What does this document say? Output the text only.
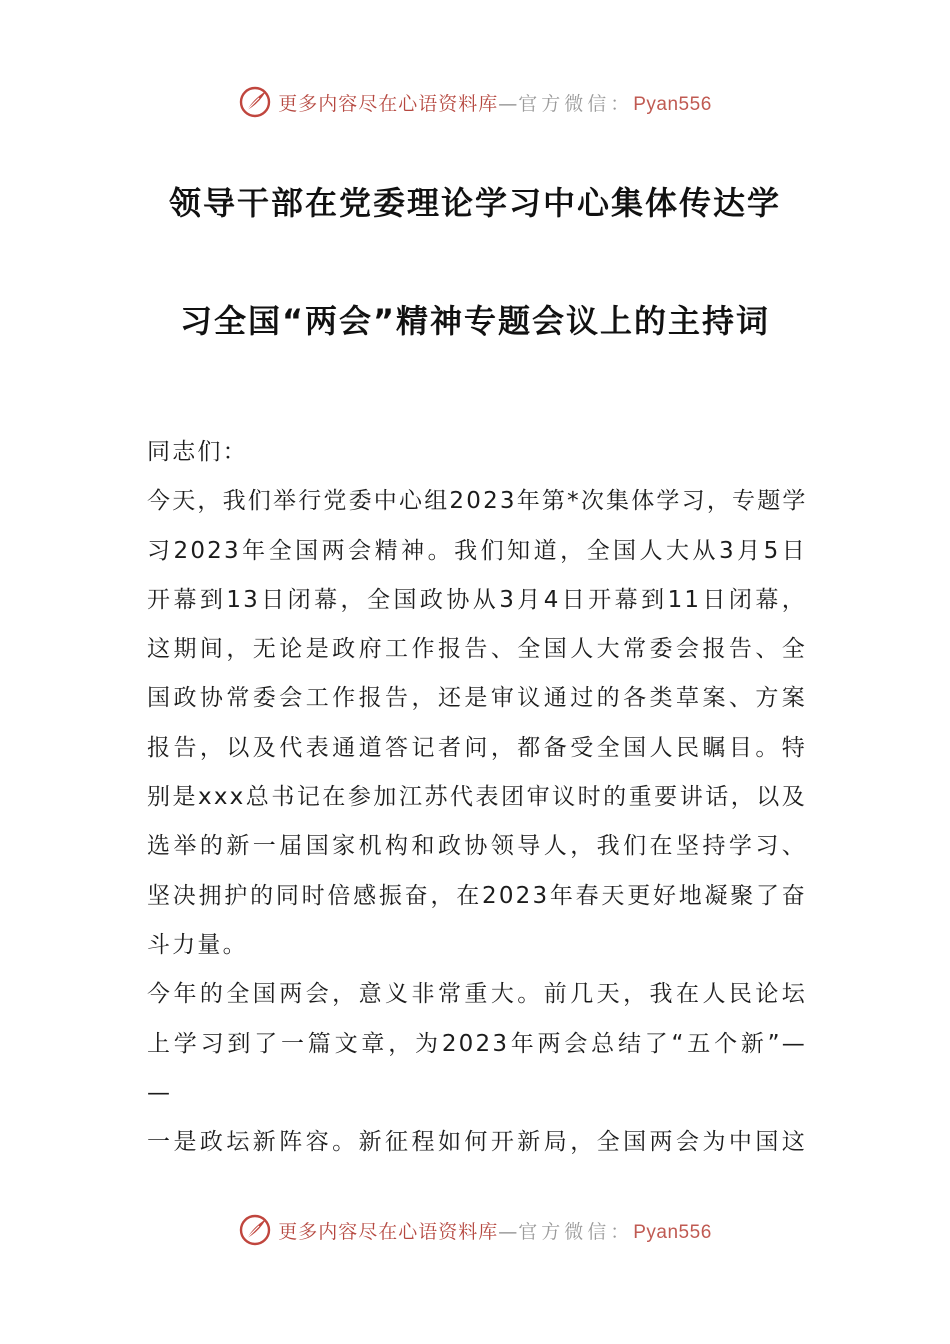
更多内容尽在心语资料库—官方微信：Pyan556
领导干部在党委理论学习中心集体传达学
习全国“两会”精神专题会议上的主持词
同志们：
今天，我们举行党委中心组2023年第*次集体学习，专题学
习2023年全国两会精神。我们知道，全国人大从3月5日
开幕到13日闭幕，全国政协从3月4日开幕到11日闭幕，
这期间，无论是政府工作报告、全国人大常委会报告、全
国政协常委会工作报告，还是审议通过的各类草案、方案
报告，以及代表通道答记者问，都备受全国人民瞩目。特
别是xxx总书记在参加江苏代表团审议时的重要讲话，以及
选举的新一届国家机构和政协领导人，我们在坚持学习、
坚决拥护的同时倍感振奋，在2023年春天更好地凝聚了奋
斗力量。
今年的全国两会，意义非常重大。前几天，我在人民论坛
上学习到了一篇文章，为2023年两会总结了“五个新”—
—
一是政坛新阵容。新征程如何开新局，全国两会为中国这
更多内容尽在心语资料库—官方微信：Pyan556
